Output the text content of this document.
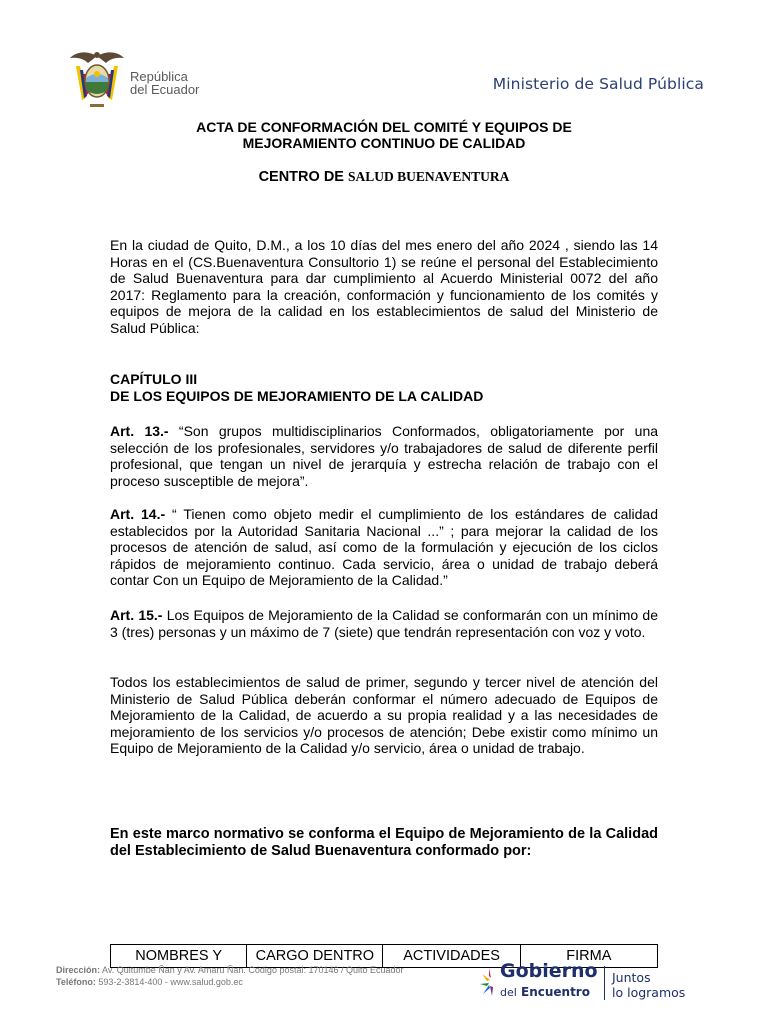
República
del Ecuador	Ministerio de Salud Pública
ACTA DE CONFORMACIÓN DEL COMITÉ Y EQUIPOS DE
MEJORAMIENTO CONTINUO DE CALIDAD
CENTRO DE SALUD BUENAVENTURA
En la ciudad de Quito, D.M., a los 10 días del mes enero del año 2024 , siendo las 14 Horas en el (CS.Buenaventura Consultorio 1) se reúne el personal del Establecimiento de Salud Buenaventura para dar cumplimiento al Acuerdo Ministerial 0072 del año 2017: Reglamento para la creación, conformación y funcionamiento de los comités y equipos de mejora de la calidad en los establecimientos de salud del Ministerio de Salud Pública:
CAPÍTULO III
DE LOS EQUIPOS DE MEJORAMIENTO DE LA CALIDAD
Art. 13.- “Son grupos multidisciplinarios Conformados, obligatoriamente por una selección de los profesionales, servidores y/o trabajadores de salud de diferente perfil profesional, que tengan un nivel de jerarquía y estrecha relación de trabajo con el proceso susceptible de mejora”.
Art. 14.- “ Tienen como objeto medir el cumplimiento de los estándares de calidad establecidos por la Autoridad Sanitaria Nacional ...” ; para mejorar la calidad de los procesos de atención de salud, así como de la formulación y ejecución de los ciclos rápidos de mejoramiento continuo. Cada servicio, área o unidad de trabajo deberá contar Con un Equipo de Mejoramiento de la Calidad.”
Art. 15.- Los Equipos de Mejoramiento de la Calidad se conformarán con un mínimo de 3 (tres) personas y un máximo de 7 (siete) que tendrán representación con voz y voto.
Todos los establecimientos de salud de primer, segundo y tercer nivel de atención del Ministerio de Salud Pública deberán conformar el número adecuado de Equipos de Mejoramiento de la Calidad, de acuerdo a su propia realidad y a las necesidades de mejoramiento de los servicios y/o procesos de atención; Debe existir como mínimo un Equipo de Mejoramiento de la Calidad y/o servicio, área o unidad de trabajo.
En este marco normativo se conforma el Equipo de Mejoramiento de la Calidad del Establecimiento de Salud Buenaventura conformado por:
NOMBRES Y	CARGO DENTRO	ACTIVIDADES	FIRMA
Dirección: Av. Quitumbe Ñan y Av. Amaru Ñan. Código postal: 170146 / Quito Ecuador
Teléfono: 593-2-3814-400 - www.salud.gob.ec	Gobierno
del Encuentro
Juntos
lo logramos
